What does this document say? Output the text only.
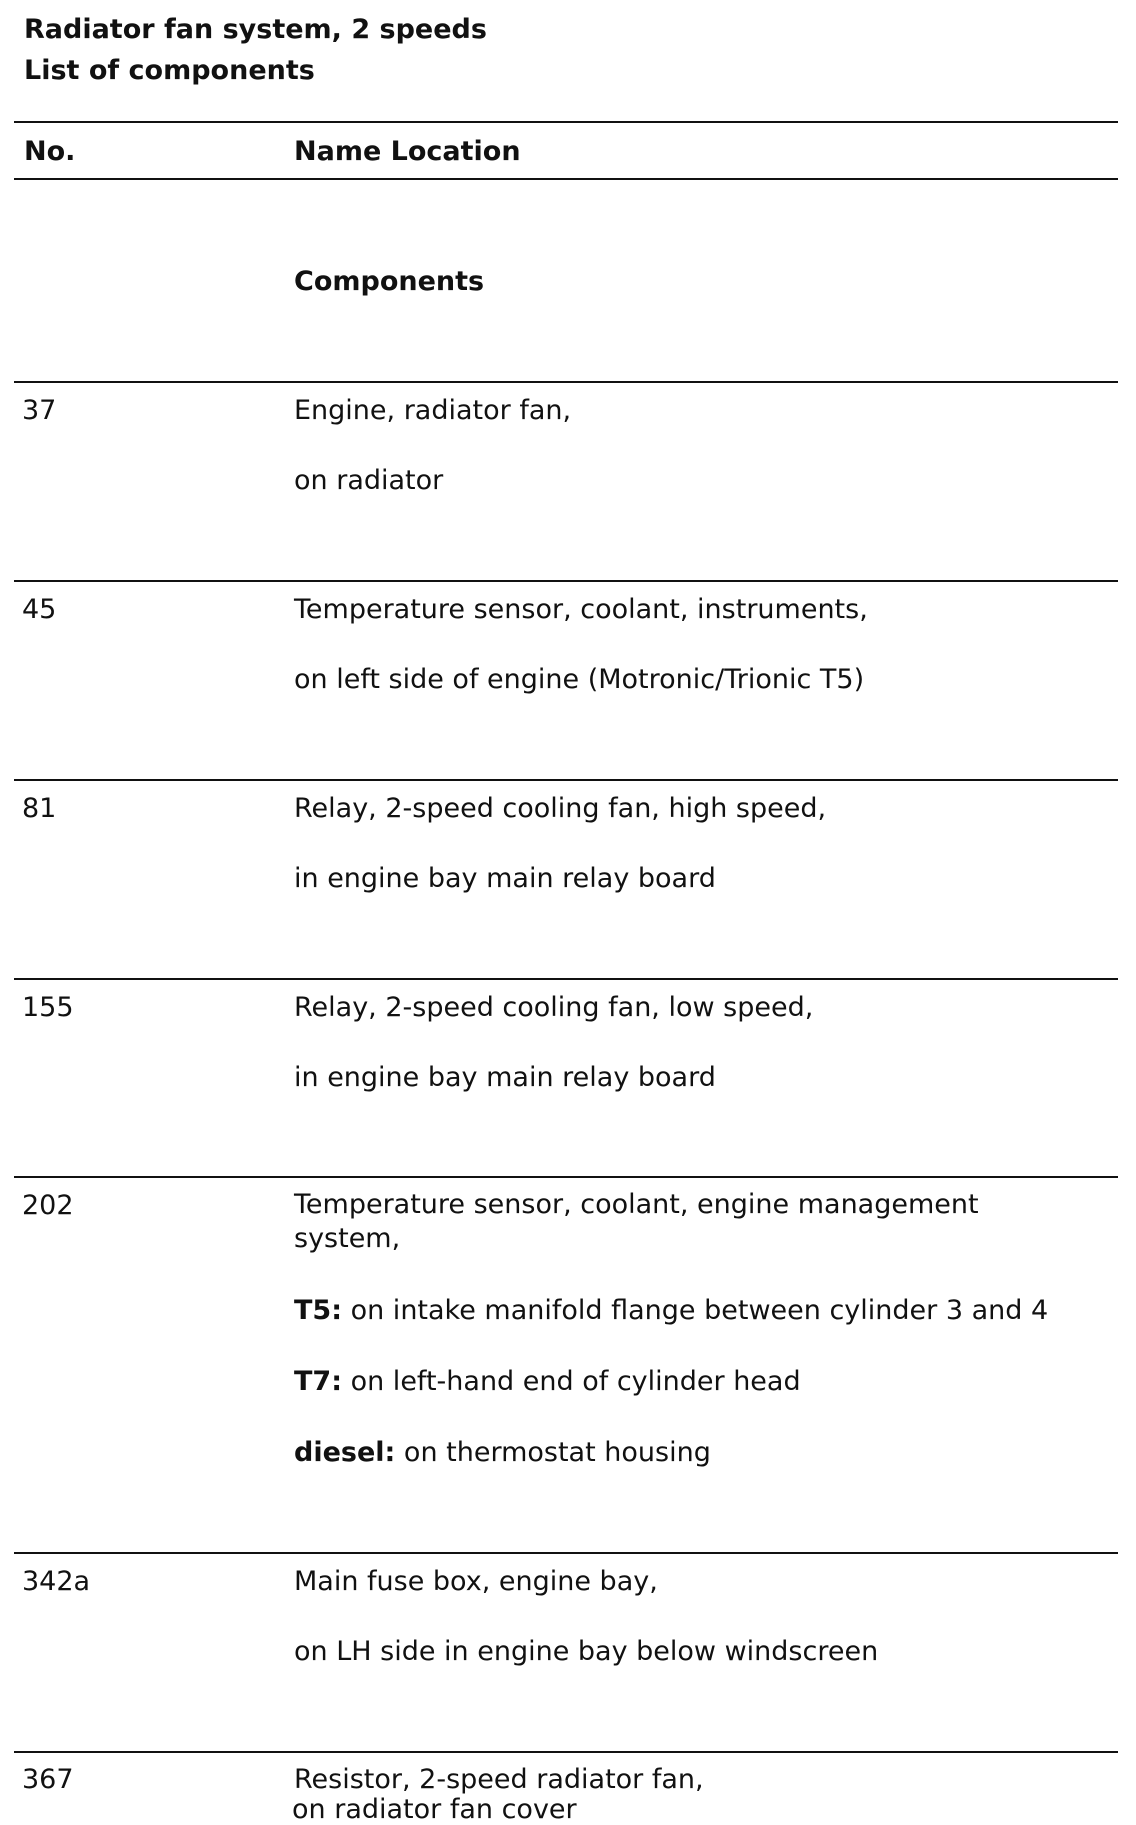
Radiator fan system, 2 speeds
List of components
No.	Name Location
Components
37	Engine, radiator fan,
on radiator
45	Temperature sensor, coolant, instruments,
on left side of engine (Motronic/Trionic T5)
81	Relay, 2-speed cooling fan, high speed,
in engine bay main relay board
155	Relay, 2-speed cooling fan, low speed,
in engine bay main relay board
202	Temperature sensor, coolant, engine management system,
T5: on intake manifold flange between cylinder 3 and 4
T7: on left-hand end of cylinder head
diesel: on thermostat housing
342a	Main fuse box, engine bay,
on LH side in engine bay below windscreen
367	Resistor, 2-speed radiator fan,
on radiator fan cover
